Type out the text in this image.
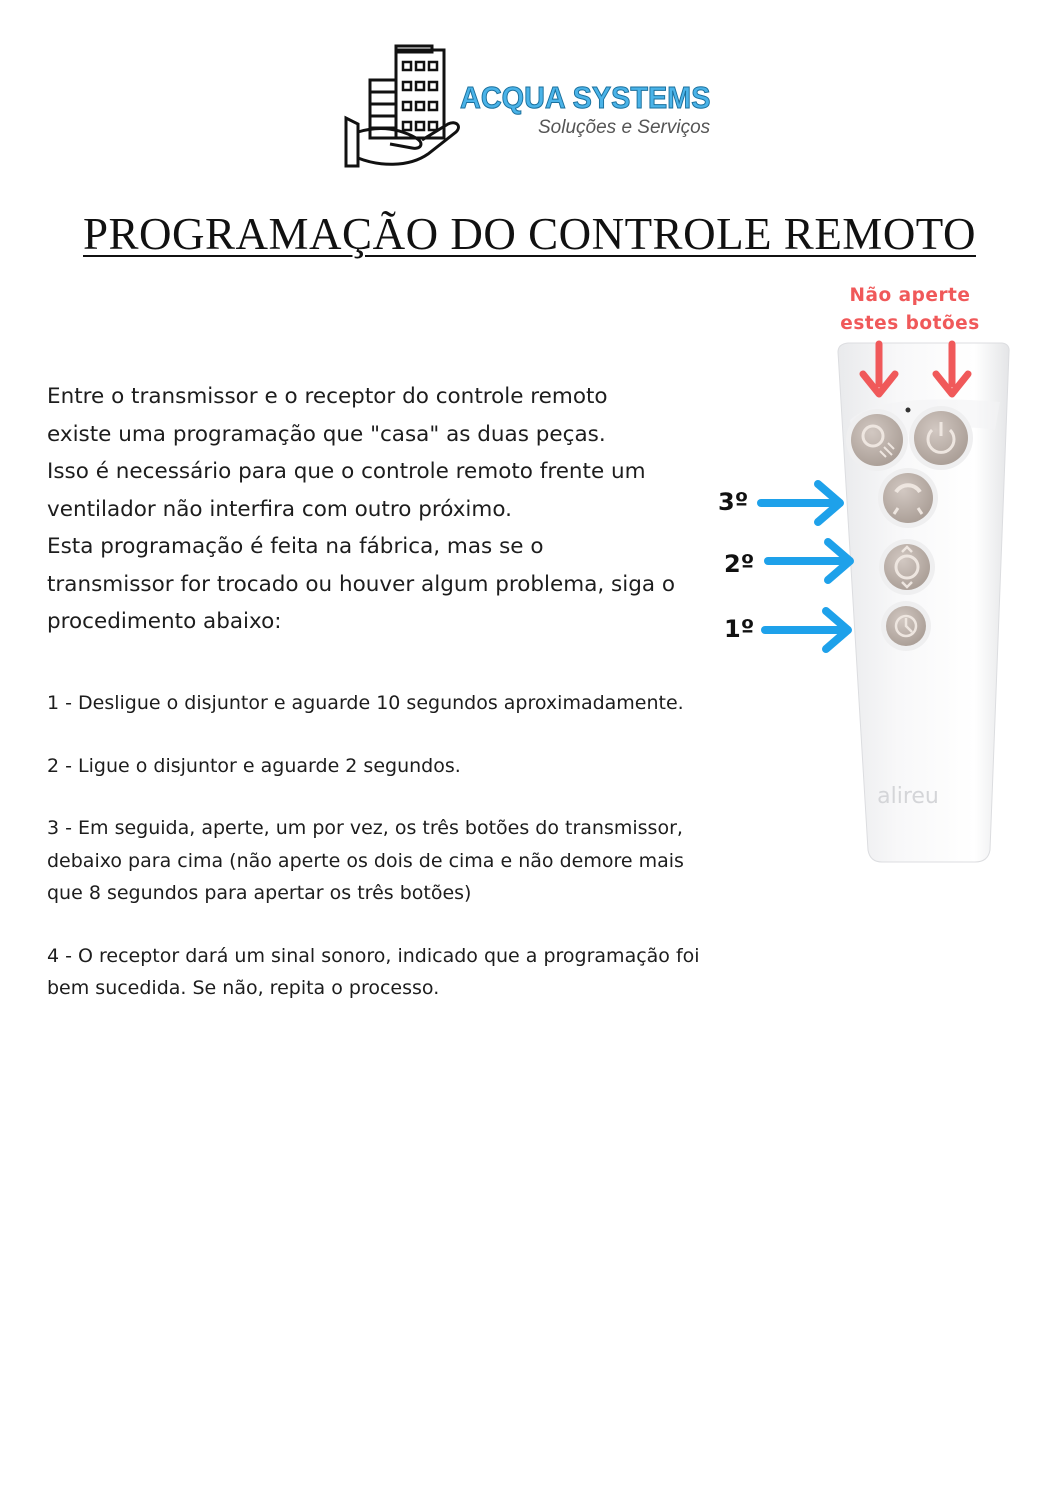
ACQUA SYSTEMS
Soluções e Serviços
PROGRAMAÇÃO DO CONTROLE REMOTO

Entre o transmissor e o receptor do controle remoto

existe uma programação que "casa" as duas peças.

Isso é necessário para que o controle remoto frente um

ventilador não interfira com outro próximo.

Esta programação é feita na fábrica, mas se o

transmissor for trocado ou houver algum problema, siga o

procedimento abaixo:

1 - Desligue o disjuntor e aguarde 10 segundos aproximadamente.
2 - Ligue o disjuntor e aguarde 2 segundos.
3 - Em seguida, aperte, um por vez, os três botões do transmissor,
debaixo para cima (não aperte os dois de cima e não demore mais
que 8 segundos para apertar os três botões)
4 - O receptor dará um sinal sonoro, indicado que a programação foi
bem sucedida. Se não, repita o processo.
Não aperte
estes botões
alireu
3º
2º
1º
